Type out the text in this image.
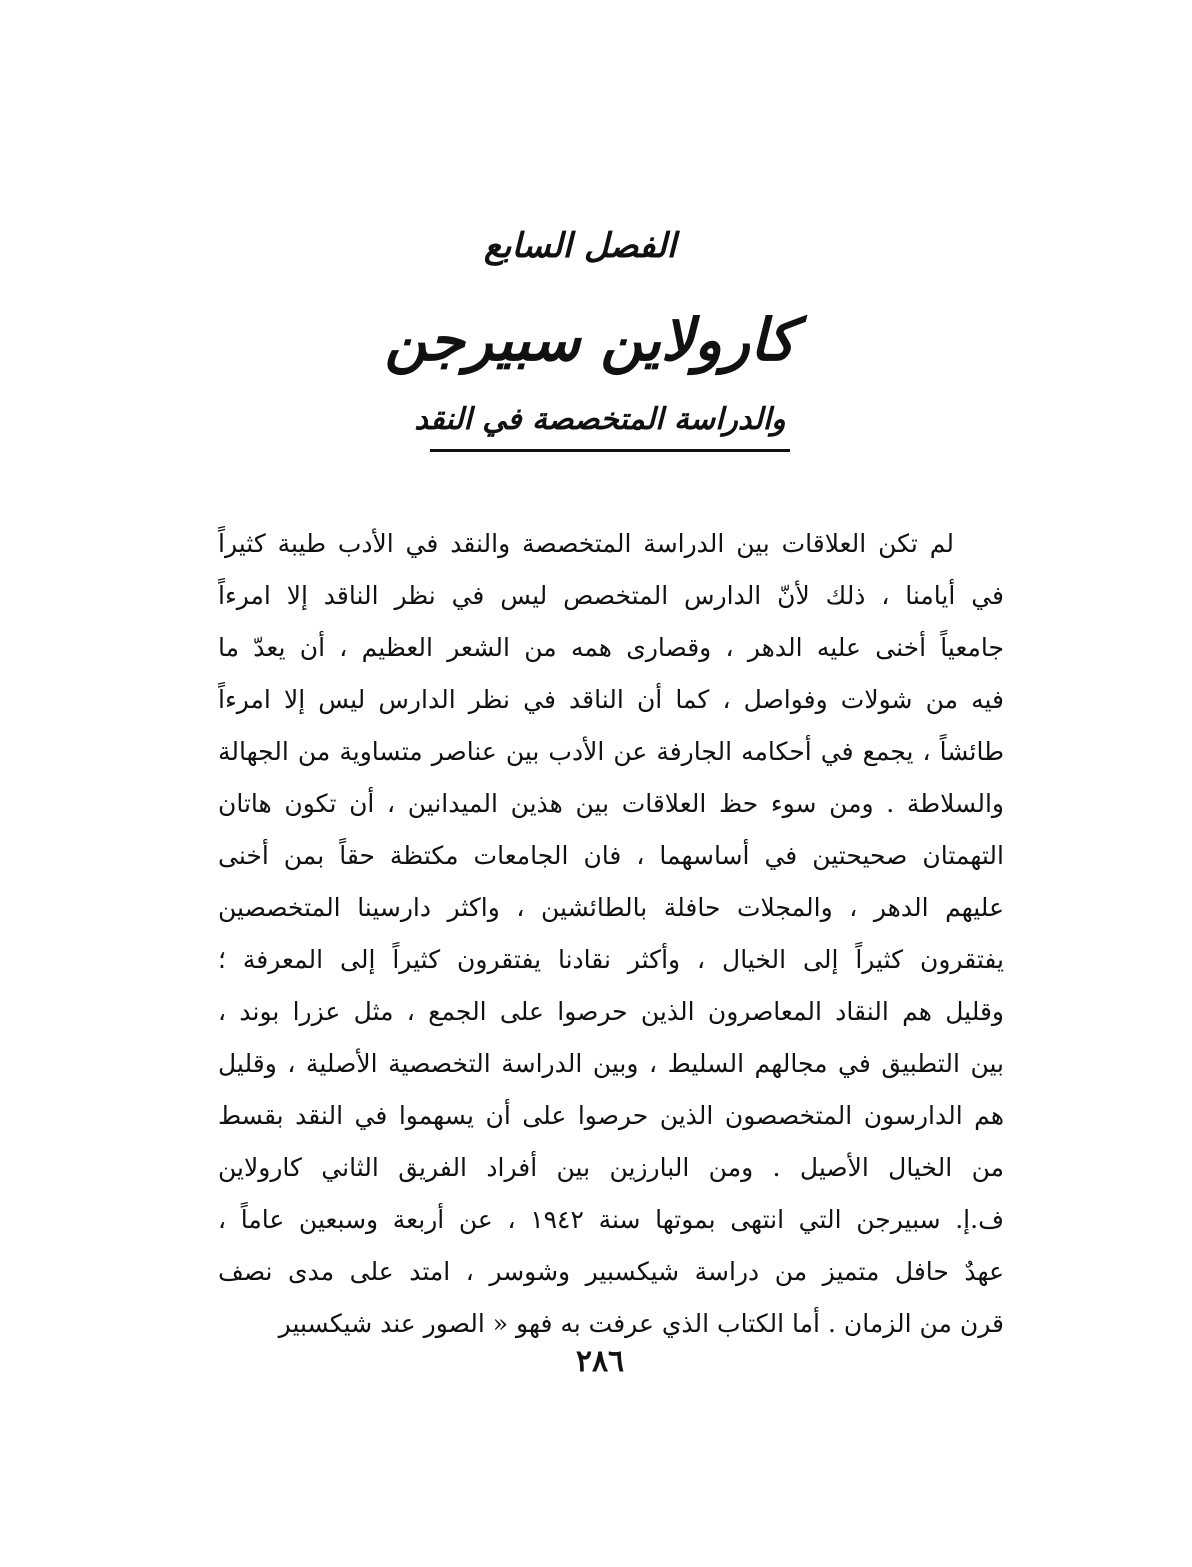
الفصل السابع
كارولاين سبيرجن
والدراسة المتخصصة في النقد
لم تكن العلاقات بين الدراسة المتخصصة والنقد في الأدب طيبة كثيراً
في أيامنا ، ذلك لأنّ الدارس المتخصص ليس في نظر الناقد إلا امرءاً
جامعياً أخنى عليه الدهر ، وقصارى همه من الشعر العظيم ، أن يعدّ ما
فيه من شولات وفواصل ، كما أن الناقد في نظر الدارس ليس إلا امرءاً
طائشاً ، يجمع في أحكامه الجارفة عن الأدب بين عناصر متساوية من الجهالة
والسلاطة . ومن سوء حظ العلاقات بين هذين الميدانين ، أن تكون هاتان
التهمتان صحيحتين في أساسهما ، فان الجامعات مكتظة حقاً بمن أخنى
عليهم الدهر ، والمجلات حافلة بالطائشين ، واكثر دارسينا المتخصصين
يفتقرون كثيراً إلى الخيال ، وأكثر نقادنا يفتقرون كثيراً إلى المعرفة ؛
وقليل هم النقاد المعاصرون الذين حرصوا على الجمع ، مثل عزرا بوند ،
بين التطبيق في مجالهم السليط ، وبين الدراسة التخصصية الأصلية ، وقليل
هم الدارسون المتخصصون الذين حرصوا على أن يسهموا في النقد بقسط
من الخيال الأصيل . ومن البارزين بين أفراد الفريق الثاني كارولاين
ف.إ. سبيرجن التي انتهى بموتها سنة ١٩٤٢ ، عن أربعة وسبعين عاماً ،
عهدٌ حافل متميز من دراسة شيكسبير وشوسر ، امتد على مدى نصف
قرن من الزمان . أما الكتاب الذي عرفت به فهو « الصور عند شيكسبير
٢٨٦
